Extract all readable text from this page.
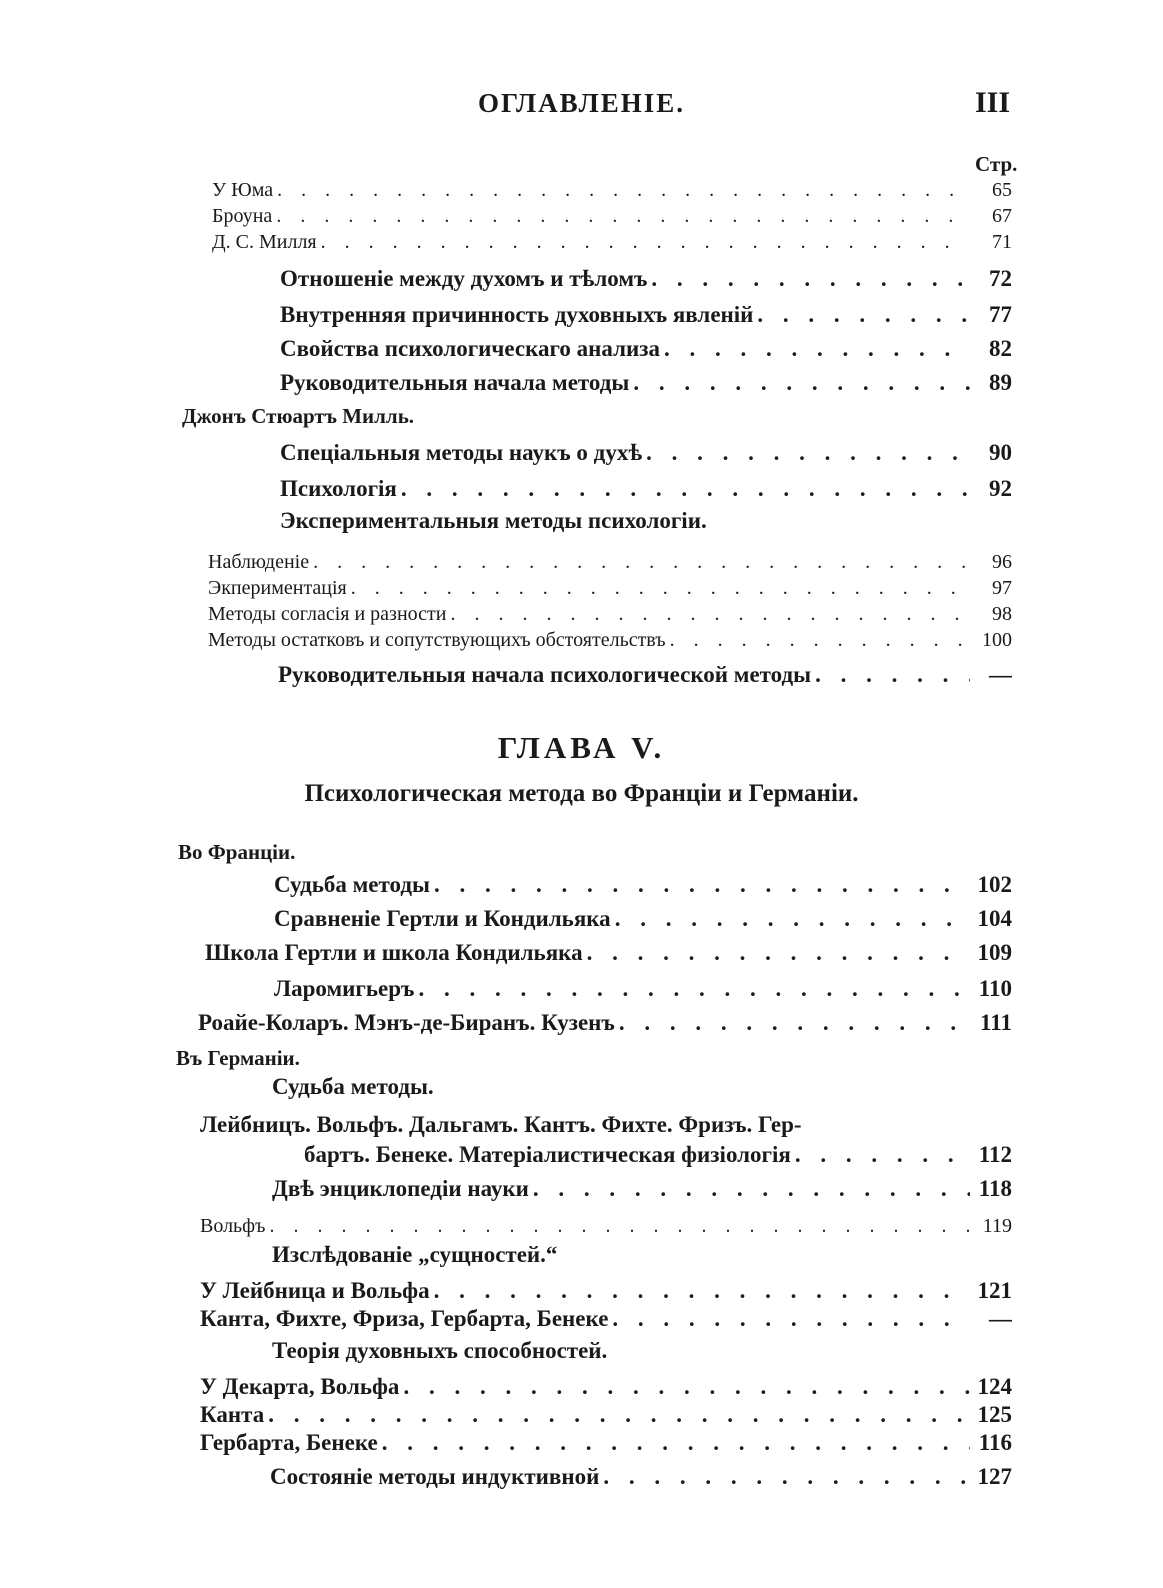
ОГЛАВЛЕНІЕ.	III
Стр.
У Юма . . .	65
Броуна . . .	67
Д. С. Милля . . .	71
Отношеніе между духомъ и тѣломъ . . .	72
Внутренняя причинность духовныхъ явленій . . .	77
Свойства психологическаго анализа . . .	82
Руководительныя начала методы . . .	89
Джонъ Стюартъ Милль.
Спеціальныя методы наукъ о духѣ . . .	90
Психологія . . .	92
Экспериментальныя методы психологіи.
Наблюденіе . . .	96
Экпериментація . . .	97
Методы согласія и разности . . .	98
Методы остатковъ и сопутствующихъ обстоятельствъ . . .	100
Руководительныя начала психологической методы . . .	—
ГЛАВА V.
Психологическая метода во Франціи и Германіи.
Во Франціи.
Судьба методы . . .	102
Сравненіе Гертли и Кондильяка . . .	104
Школа Гертли и школа Кондильяка . . .	109
Ларомигьеръ . . .	110
Роайе-Коларъ. Мэнъ-де-Биранъ. Кузенъ . . .	111
Въ Германіи.
Судьба методы.
Лейбницъ. Вольфъ. Дальгамъ. Кантъ. Фихте. Фризъ. Гер-
бартъ. Бенеке. Матеріалистическая физіологія . . .	112
Двѣ энциклопедіи науки . . .	118
Вольфъ . . .	119
Изслѣдованіе „сущностей.“
У Лейбница и Вольфа . . .	121
Канта, Фихте, Фриза, Гербарта, Бенеке . . .	—
Теорія духовныхъ способностей.
У Декарта, Вольфа . . .	124
Канта . . .	125
Гербарта, Бенеке . . .	116
Состояніе методы индуктивной . . .	127
